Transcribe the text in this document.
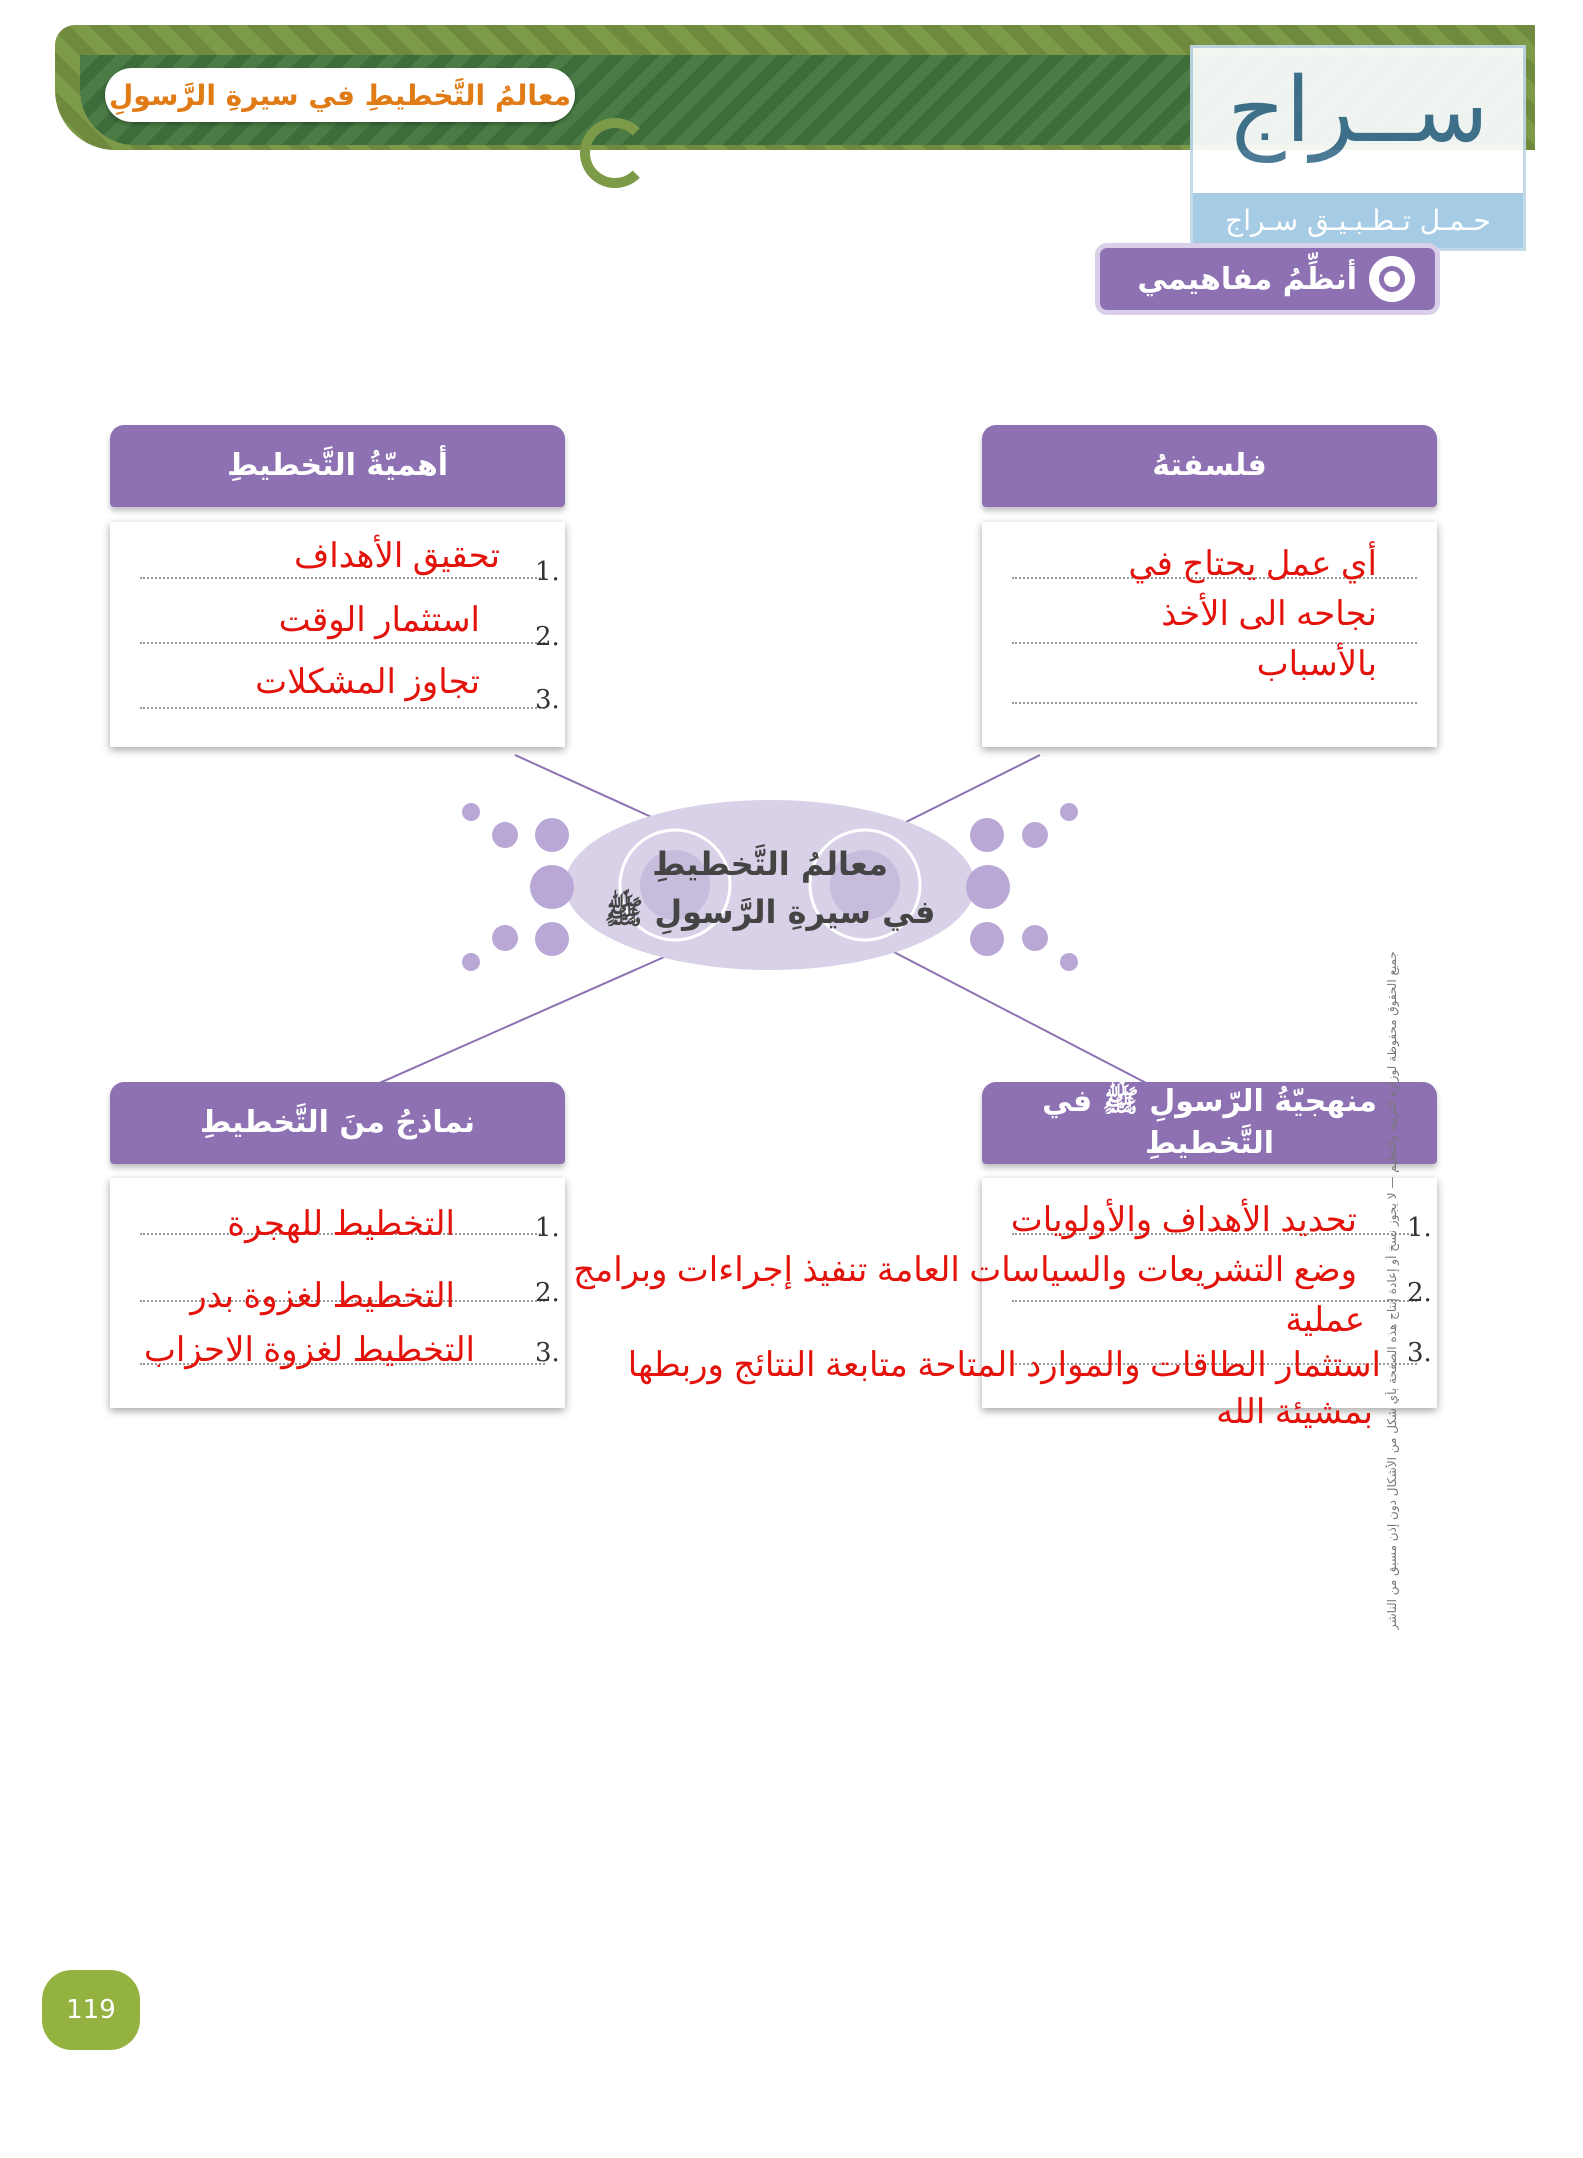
معالمُ التَّخطيطِ في سيرةِ الرَّسولِ	ســراج
حـمـل تـطـبـيـق سـراج
أنظِّمُ مفاهيمي
معالمُ التَّخطيطِ
في سيرةِ الرَّسولِ ﷺ
أهميّةُ التَّخطيطِ
1.
2.
3.
تحقيق الأهداف
استثمار الوقت
تجاوز المشكلات
فلسفتهُ
أي عمل يحتاج في
نجاحه الى الأخذ
بالأسباب
نماذجُ منَ التَّخطيطِ
1.
2.
3.
التخطيط للهجرة
التخطيط لغزوة بدر
التخطيط لغزوة الاحزاب
منهجيّةُ الرّسولِ ﷺ في التَّخطيطِ
1.
2.
3.
تحديد الأهداف والأولويات
وضع التشريعات والسياسات العامة تنفيذ إجراءات وبرامج
عملية
استثمار الطاقات والموارد المتاحة متابعة النتائج وربطها
بمشيئة الله جميع الحقوق محفوظة لوزارة التربية والتعليم — لا يجوز نسخ أو إعادة إنتاج هذه الصفحة بأي شكل من الأشكال دون إذن مسبق من الناشر
119
